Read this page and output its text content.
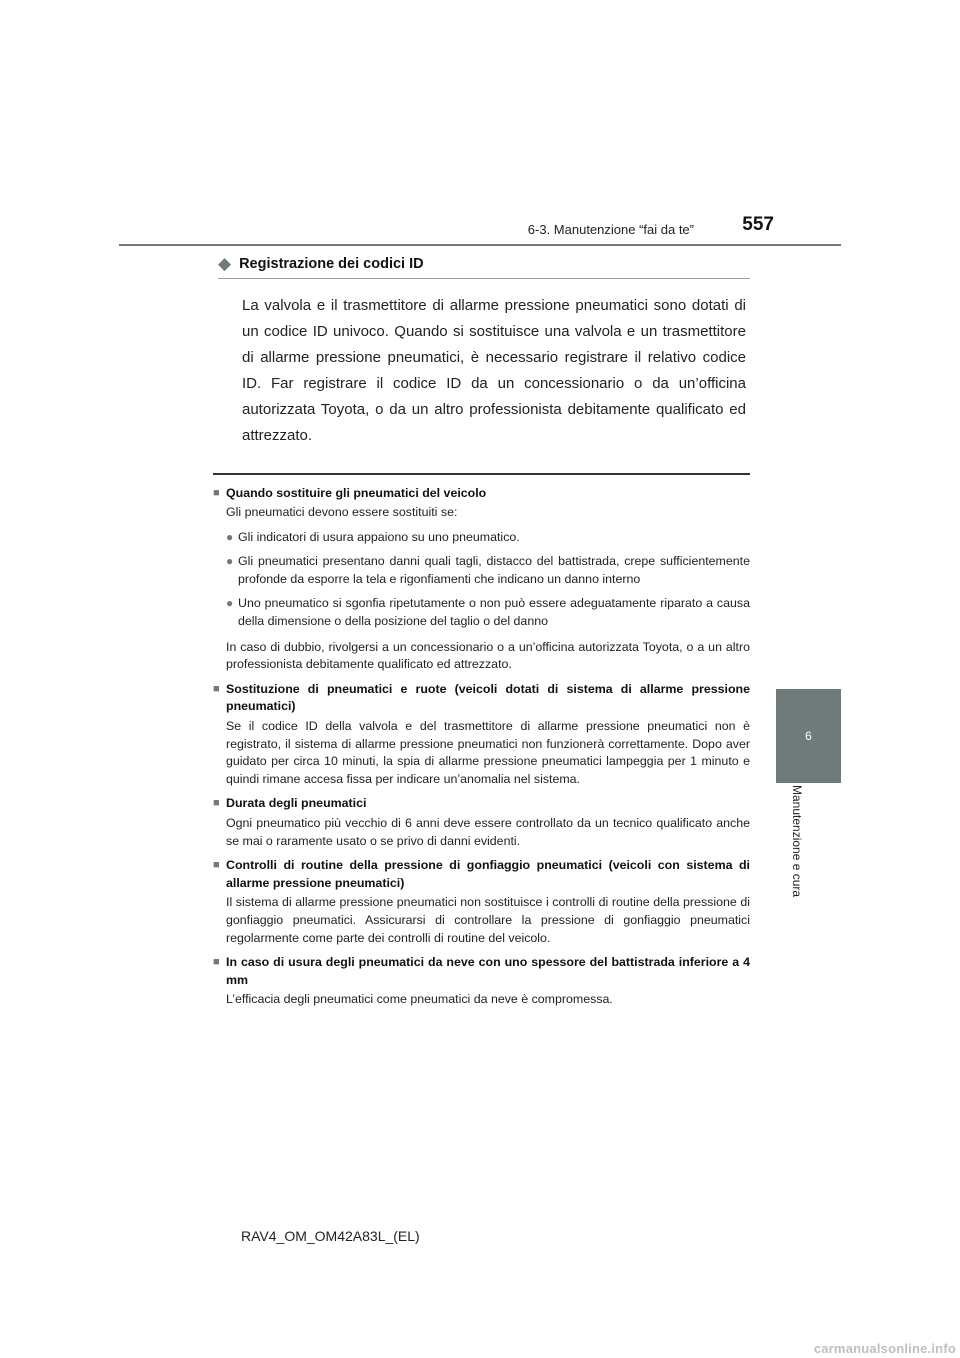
6-3. Manutenzione “fai da te”	557
6
Manutenzione e cura
◆ Registrazione dei codici ID
La valvola e il trasmettitore di allarme pressione pneumatici sono dotati di un codice ID univoco. Quando si sostituisce una valvola e un trasmettitore di allarme pressione pneumatici, è necessario registrare il relativo codice ID. Far registrare il codice ID da un concessionario o da un’officina autorizzata Toyota, o da un altro professionista debitamente qualificato ed attrezzato.
■ Quando sostituire gli pneumatici del veicolo
Gli pneumatici devono essere sostituiti se:
● Gli indicatori di usura appaiono su uno pneumatico.
● Gli pneumatici presentano danni quali tagli, distacco del battistrada, crepe sufficientemente profonde da esporre la tela e rigonfiamenti che indicano un danno interno
● Uno pneumatico si sgonfia ripetutamente o non può essere adeguatamente riparato a causa della dimensione o della posizione del taglio o del danno
In caso di dubbio, rivolgersi a un concessionario o a un’officina autorizzata Toyota, o a un altro professionista debitamente qualificato ed attrezzato.
■ Sostituzione di pneumatici e ruote (veicoli dotati di sistema di allarme pressione pneumatici)
Se il codice ID della valvola e del trasmettitore di allarme pressione pneumatici non è registrato, il sistema di allarme pressione pneumatici non funzionerà correttamente. Dopo aver guidato per circa 10 minuti, la spia di allarme pressione pneumatici lampeggia per 1 minuto e quindi rimane accesa fissa per indicare un’anomalia nel sistema.
■ Durata degli pneumatici
Ogni pneumatico più vecchio di 6 anni deve essere controllato da un tecnico qualificato anche se mai o raramente usato o se privo di danni evidenti.
■ Controlli di routine della pressione di gonfiaggio pneumatici (veicoli con sistema di allarme pressione pneumatici)
Il sistema di allarme pressione pneumatici non sostituisce i controlli di routine della pressione di gonfiaggio pneumatici. Assicurarsi di controllare la pressione di gonfiaggio pneumatici regolarmente come parte dei controlli di routine del veicolo.
■ In caso di usura degli pneumatici da neve con uno spessore del battistrada inferiore a 4 mm
L’efficacia degli pneumatici come pneumatici da neve è compromessa.
RAV4_OM_OM42A83L_(EL)
carmanualsonline.info
